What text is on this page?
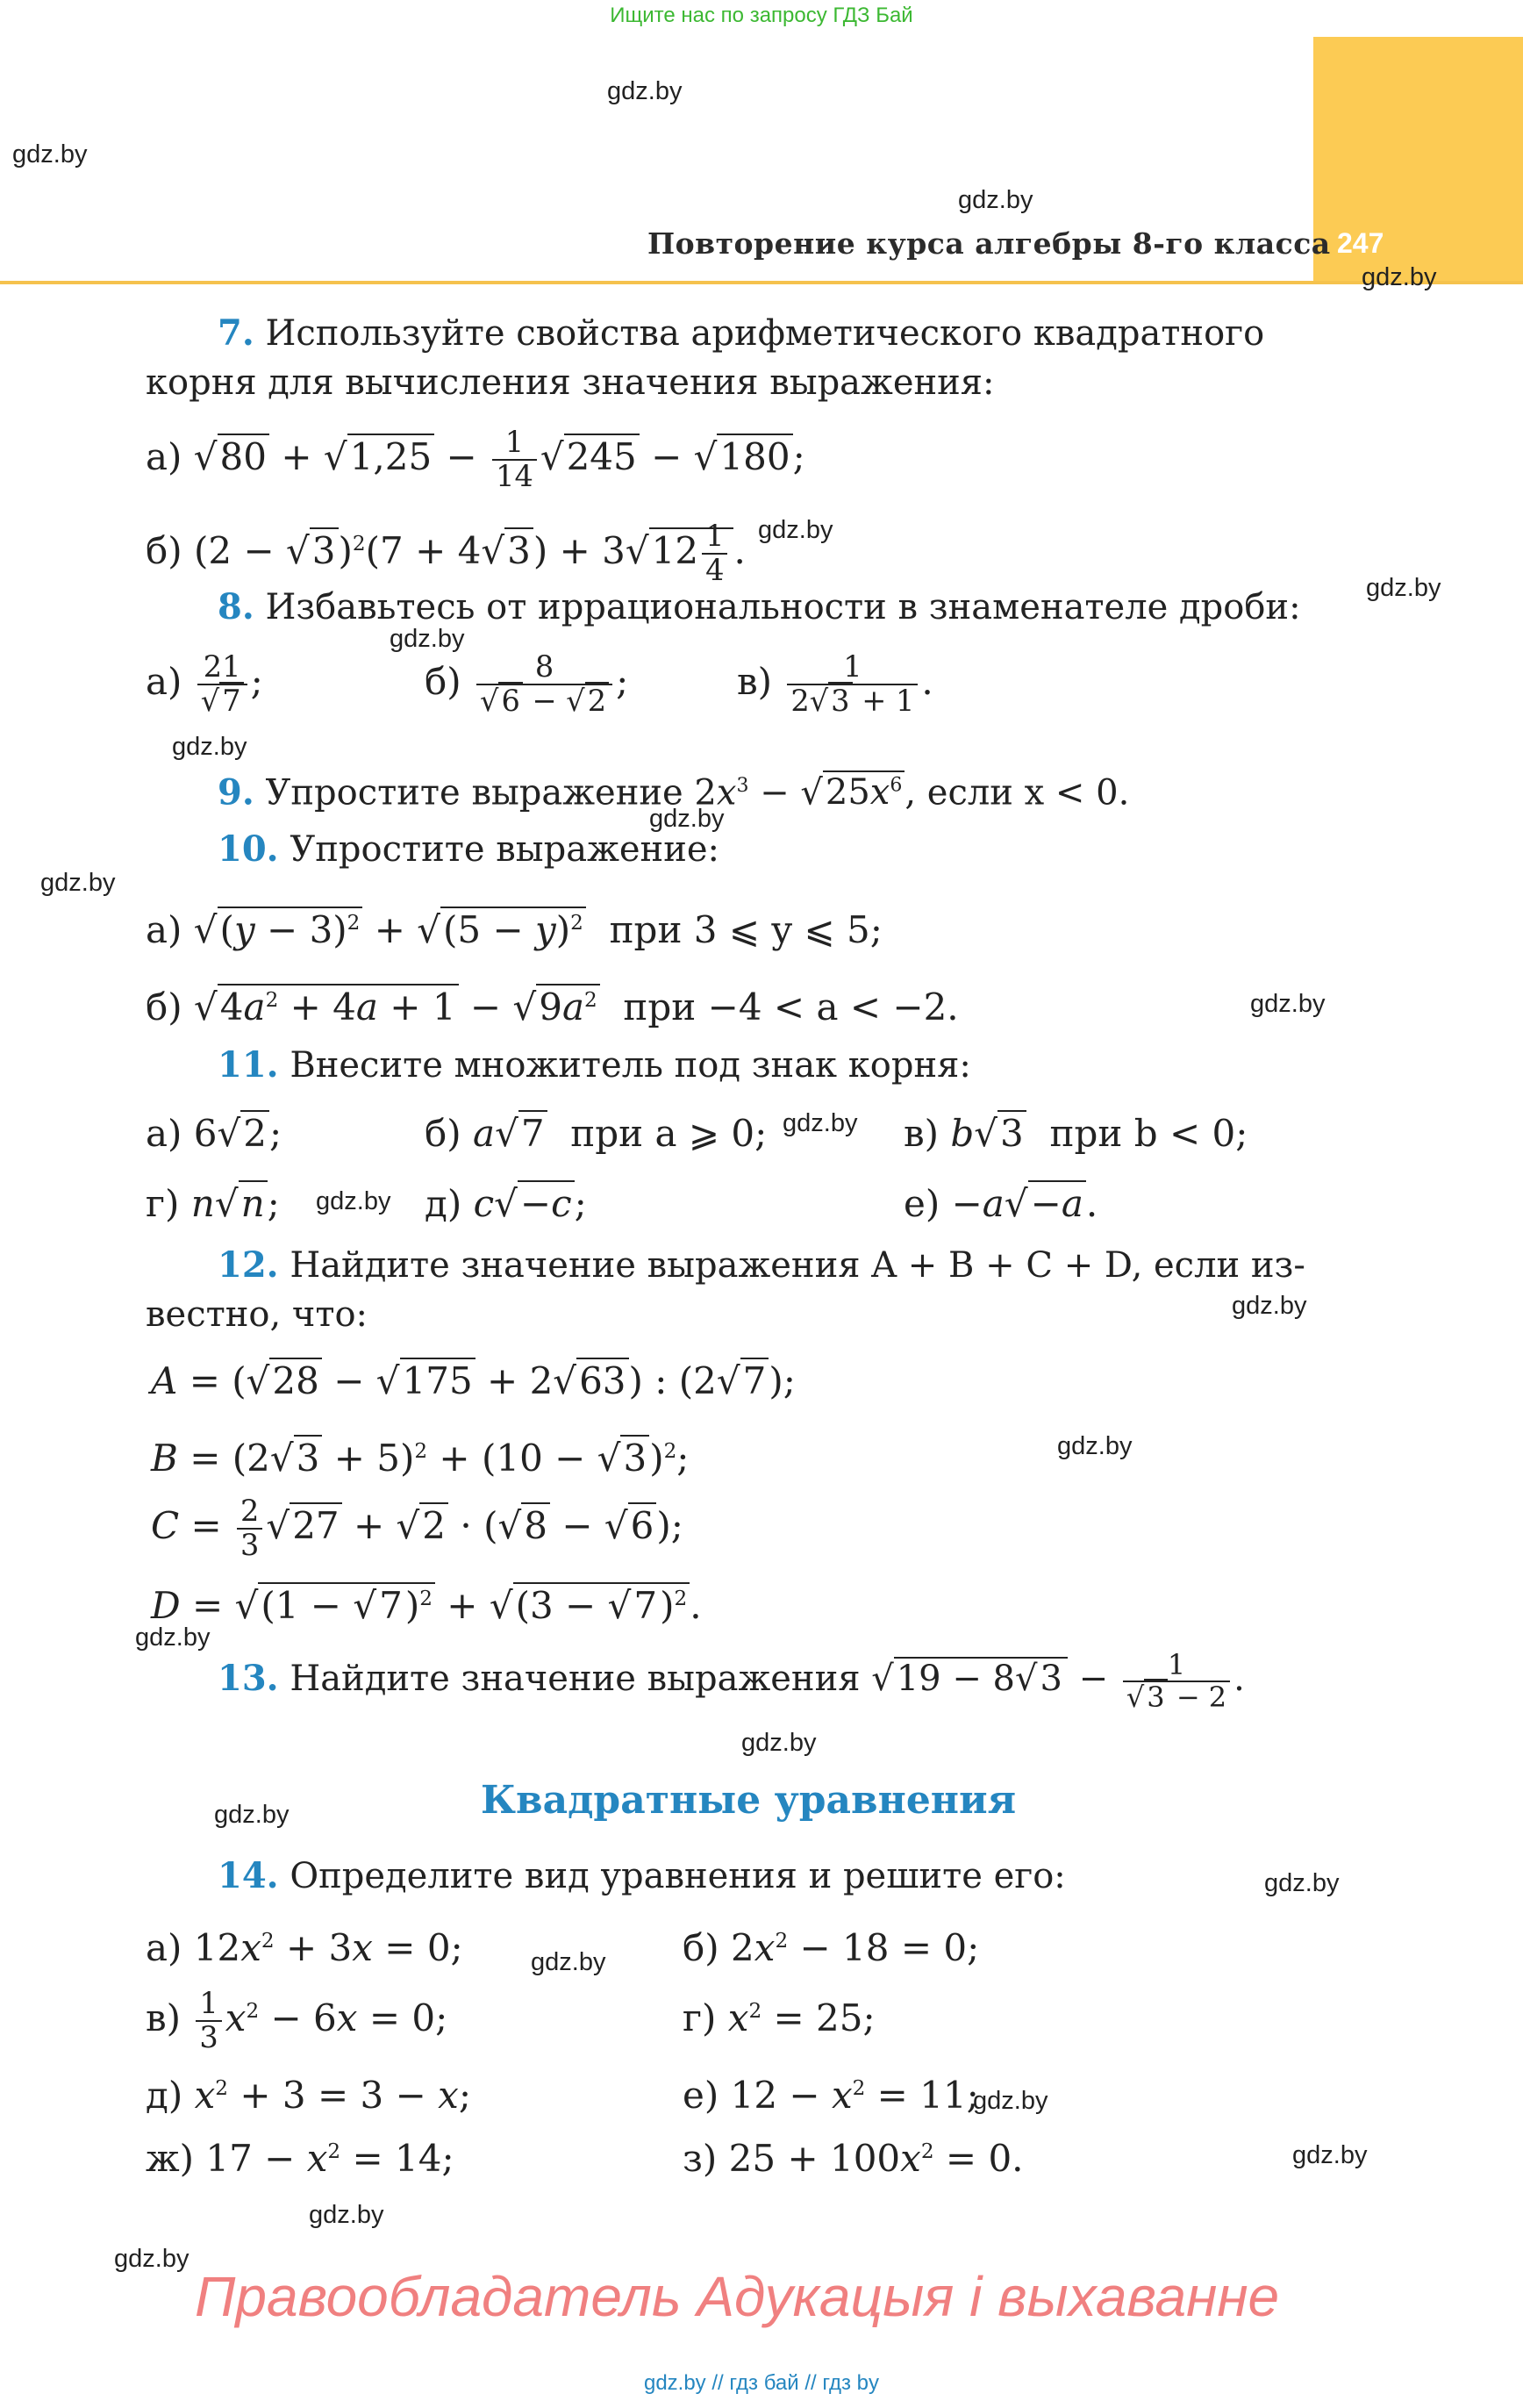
Ищите нас по запросу ГДЗ Бай
247
Повторение курса алгебры 8-го класса
gdz.by
gdz.by
gdz.by
gdz.by
gdz.by
gdz.by
gdz.by
gdz.by
gdz.by
gdz.by
gdz.by
gdz.by
gdz.by
gdz.by
gdz.by
gdz.by
gdz.by
gdz.by
gdz.by
gdz.by
gdz.by
gdz.by
gdz.by
gdz.by
7. Используйте свойства арифметического квадратного
корня для вычисления значения выражения:
а) $√80 + √1,25 - \frac{1}{14} √245 - √180$;
б) $(2 - √3)^2(7 + 4√3) + 3√12 \frac{1}{4}$ .
8. Избавьтесь от иррациональности в знаменателе дроби:
$а) \frac{21}{√7}$ ;	$б) \frac{8}{√6 - √2}$ ;	$в) \frac{1}{2√3 + 1}$ .
9. Упростите выражение $2x^3 - √25x^6$, если x < 0.
10. Упростите выражение:
а) $√(y - 3)^2 + √(5 - y)^2$ при 3 ⩽ y ⩽ 5;
б) $√4a^2 + 4a + 1 - √9a^2$ при −4 < a < −2.
11. Внесите множитель под знак корня:
а) 6√2;	б) a√7 при a ⩾ 0;	в) b√3 при b < 0;
г) n√n;	д) c√−c;	е) −a√−a.
12. Найдите значение выражения A + B + C + D, если из-
вестно, что:
A = (√28 − √175 + 2√63) : (2√7);
$B = (2√3 + 5)^2 + (10 - √3)^2$;
$C = \frac{2}{3} √27 + √2 \cdot (√8 - √6)$;
$D = √(1 - √7)^2 + √(3 - √7)^2$.
13. Найдите значение выражения $√19 - 8√3 - \frac{1}{√3 - 2}$ .
Квадратные уравнения
14. Определите вид уравнения и решите его:
а) $12x^2 + 3x = 0$;	б) $2x^2 - 18 = 0$;
$в) \frac{1}{3} x^2 - 6x = 0$;	г) $x^2 = 25$;
д) $x^2 + 3 = 3 - x$;	е) $12 - x^2 = 11$;
ж) $17 - x^2 = 14$;	з) $25 + 100x^2 = 0$.
Правообладатель Адукацыя і выхаванне
gdz.by // гдз бай // гдз by
